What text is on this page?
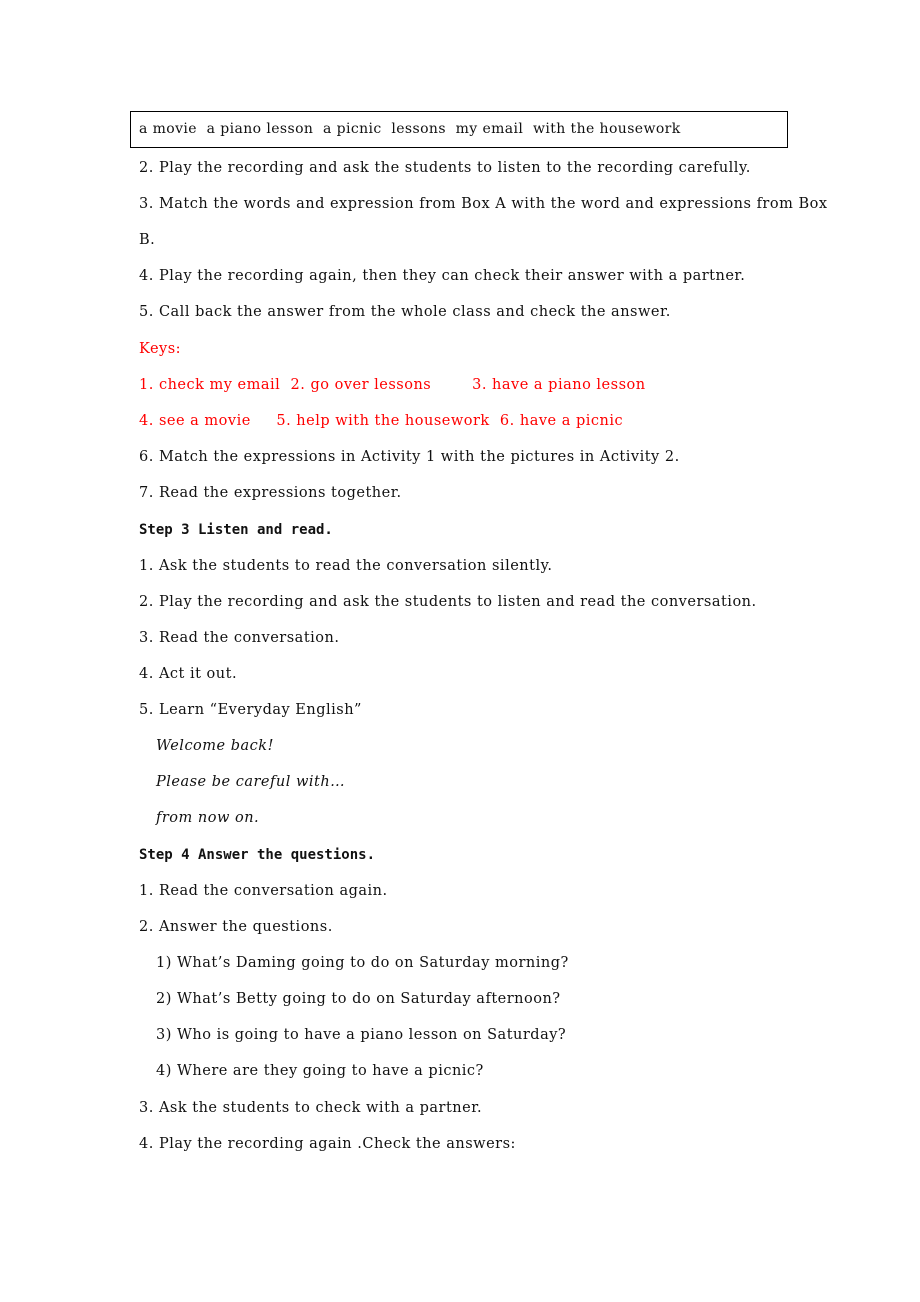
a movie  a piano lesson  a picnic  lessons  my email  with the housework
2. Play the recording and ask the students to listen to the recording carefully.
3. Match the words and expression from Box A with the word and expressions from Box
B.
4. Play the recording again, then they can check their answer with a partner.
5. Call back the answer from the whole class and check the answer.
Keys:
1. check my email  2. go over lessons        3. have a piano lesson
4. see a movie     5. help with the housework  6. have a picnic
6. Match the expressions in Activity 1 with the pictures in Activity 2.
7. Read the expressions together.
Step 3 Listen and read.
1. Ask the students to read the conversation silently.
2. Play the recording and ask the students to listen and read the conversation.
3. Read the conversation.
4. Act it out.
5. Learn “Everyday English”
Welcome back!
Please be careful with…
from now on.
Step 4 Answer the questions.
1. Read the conversation again.
2. Answer the questions.
1) What’s Daming going to do on Saturday morning?
2) What’s Betty going to do on Saturday afternoon?
3) Who is going to have a piano lesson on Saturday?
4) Where are they going to have a picnic?
3. Ask the students to check with a partner.
4. Play the recording again .Check the answers:
